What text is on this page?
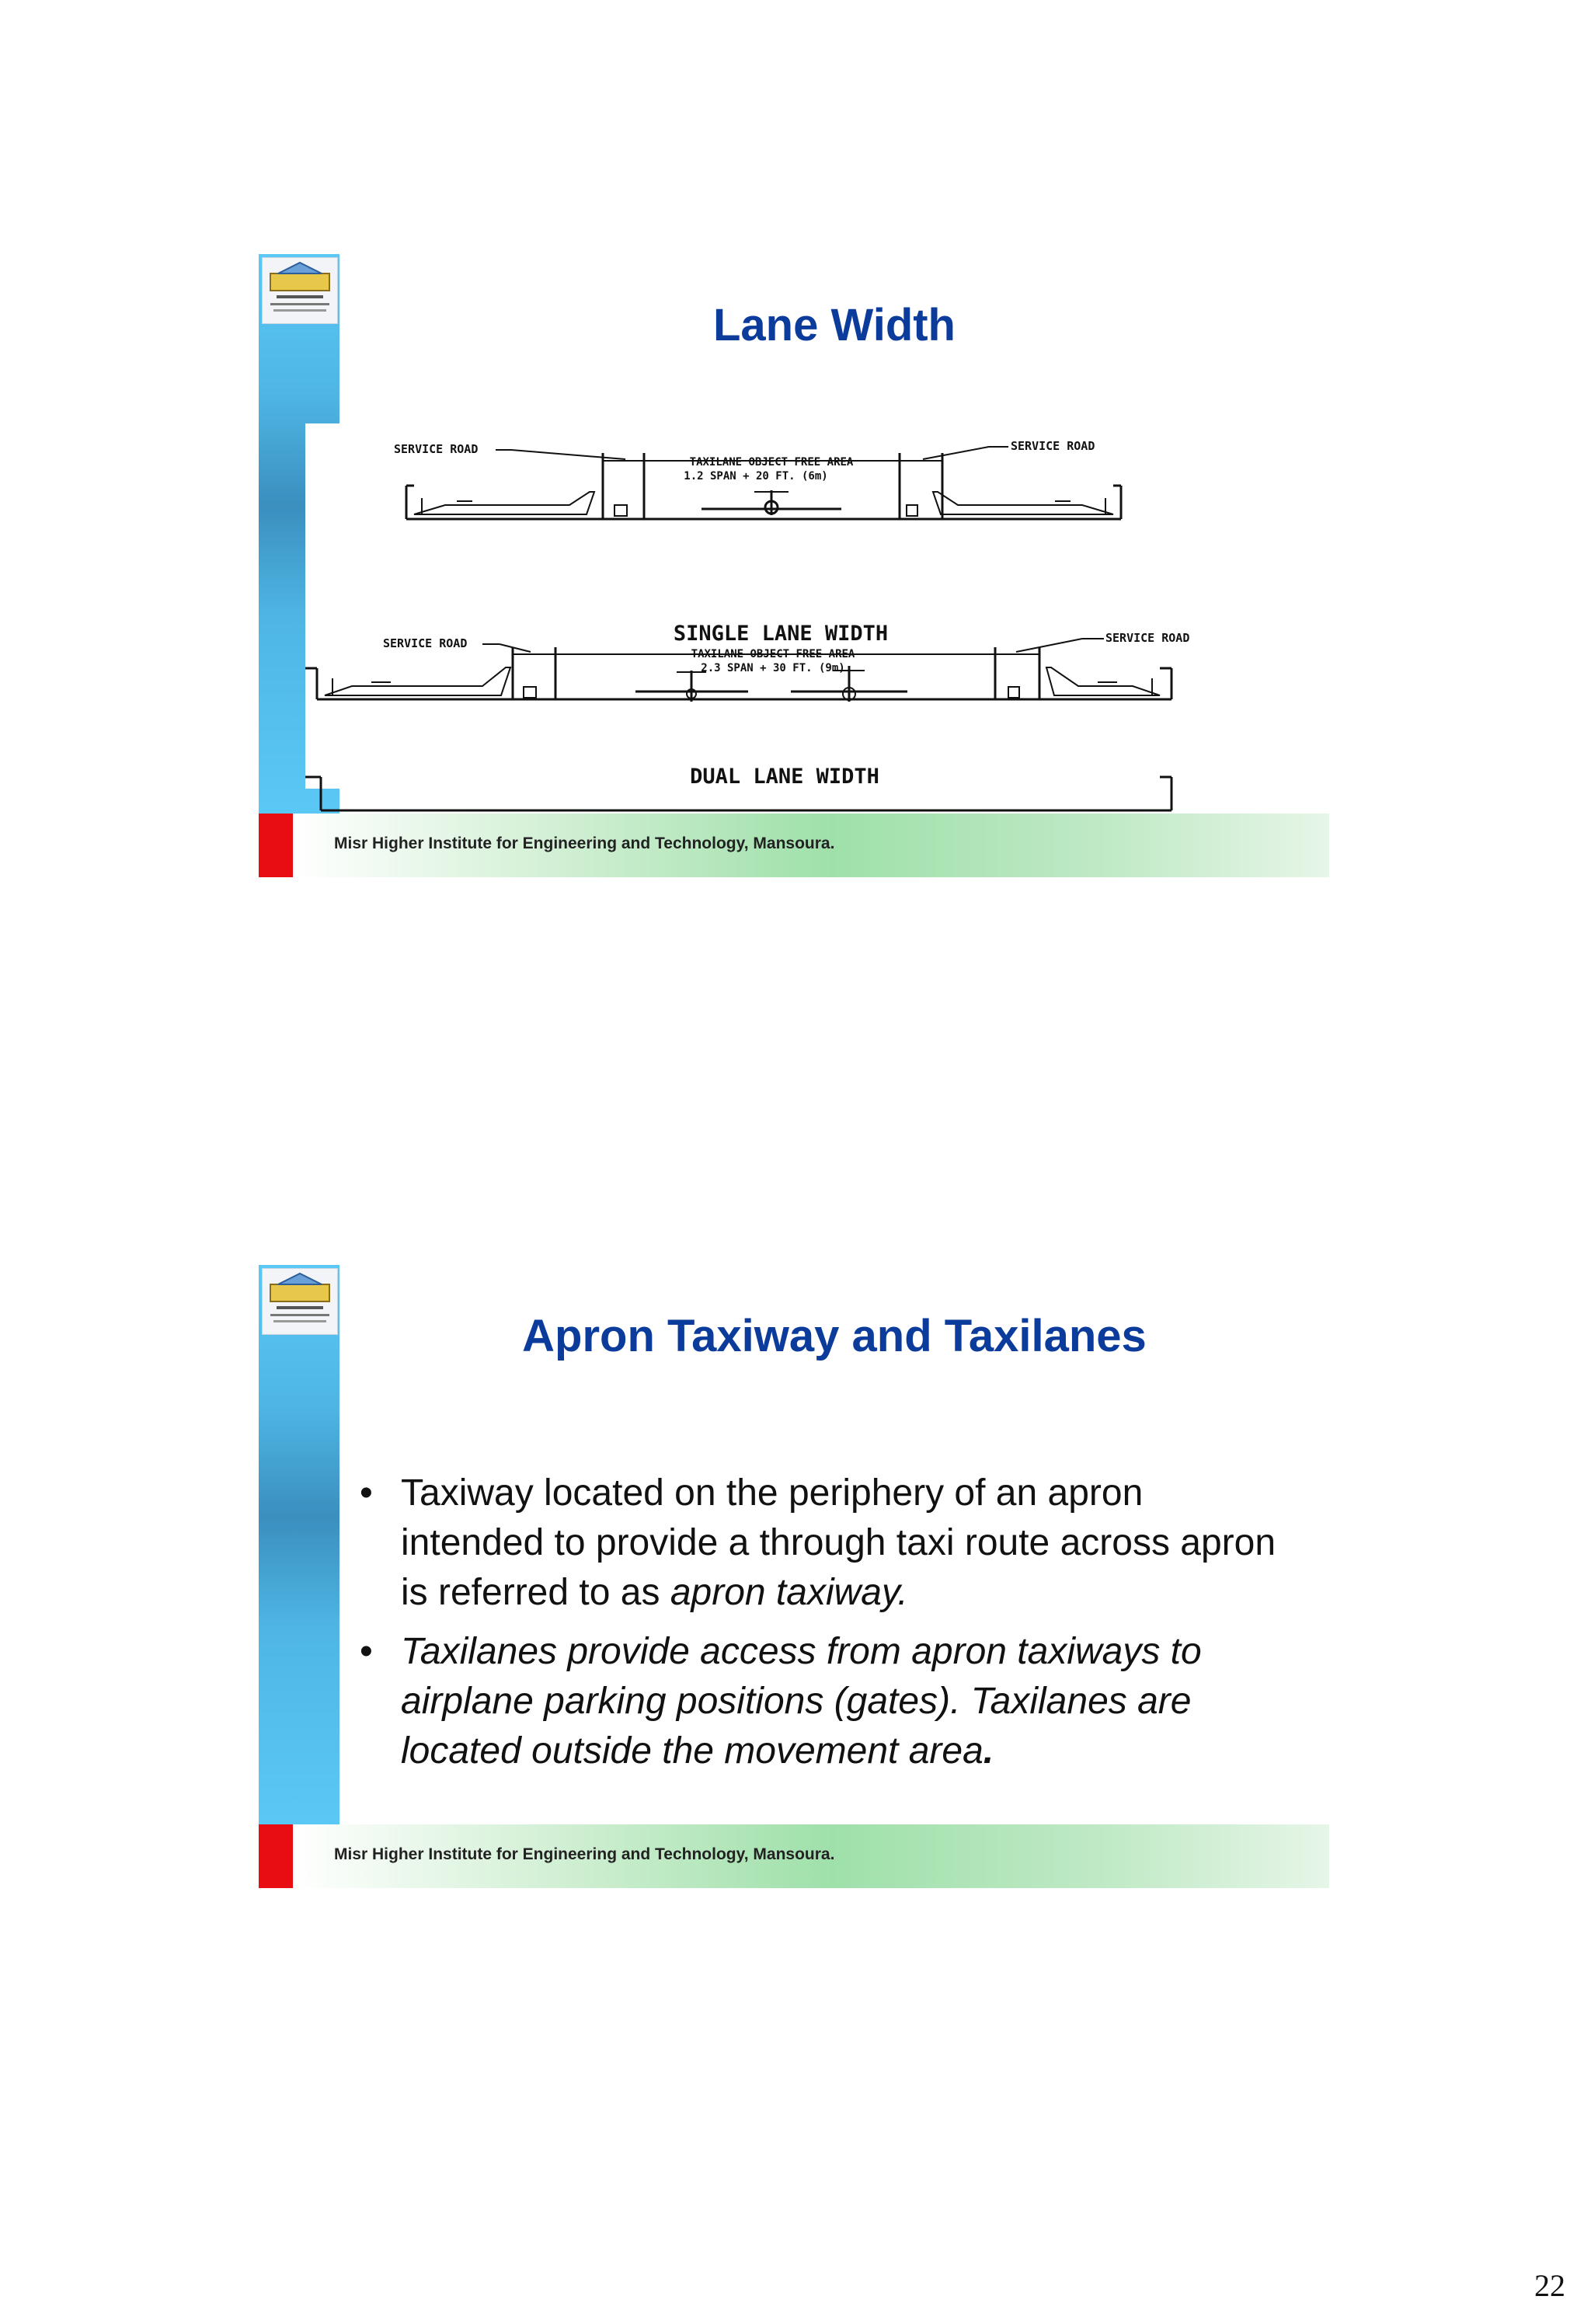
Lane Width
SERVICE ROAD	SERVICE ROAD
TAXILANE OBJECT FREE AREA
1.2 SPAN + 20 FT. (6m)
SINGLE LANE WIDTH
SERVICE ROAD	SERVICE ROAD
TAXILANE OBJECT FREE AREA
2.3 SPAN + 30 FT. (9m)
DUAL LANE WIDTH
Misr Higher Institute for Engineering and Technology, Mansoura.
Apron Taxiway and Taxilanes
• Taxiway located on the periphery of an apron intended to provide a through taxi route across apron is referred to as apron taxiway.
• Taxilanes provide access from apron taxiways to airplane parking positions (gates). Taxilanes are located outside the movement area.
Misr Higher Institute for Engineering and Technology, Mansoura.
22
